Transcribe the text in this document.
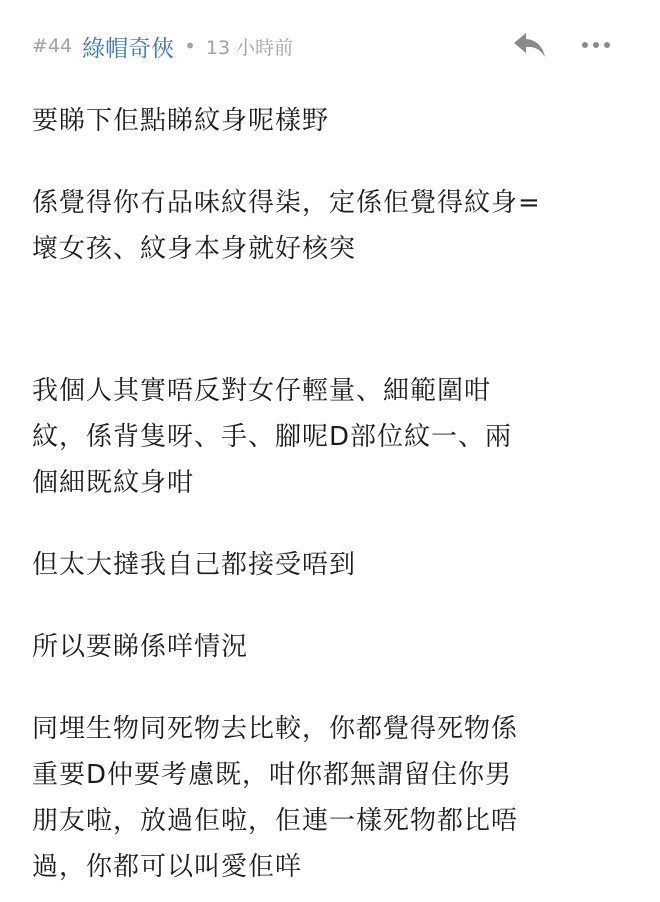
#44 綠帽奇俠 • 13 小時前

要睇下佢點睇紋身呢樣野

係覺得你冇品味紋得柒，定係佢覺得紋身=
壞女孩、紋身本身就好核突

我個人其實唔反對女仔輕量、細範圍咁
紋，係背隻呀、手、腳呢D部位紋一、兩
個細既紋身咁

但太大撻我自己都接受唔到

所以要睇係咩情況

同埋生物同死物去比較，你都覺得死物係
重要D仲要考慮既，咁你都無謂留住你男
朋友啦，放過佢啦，佢連一樣死物都比唔
過，你都可以叫愛佢咩
